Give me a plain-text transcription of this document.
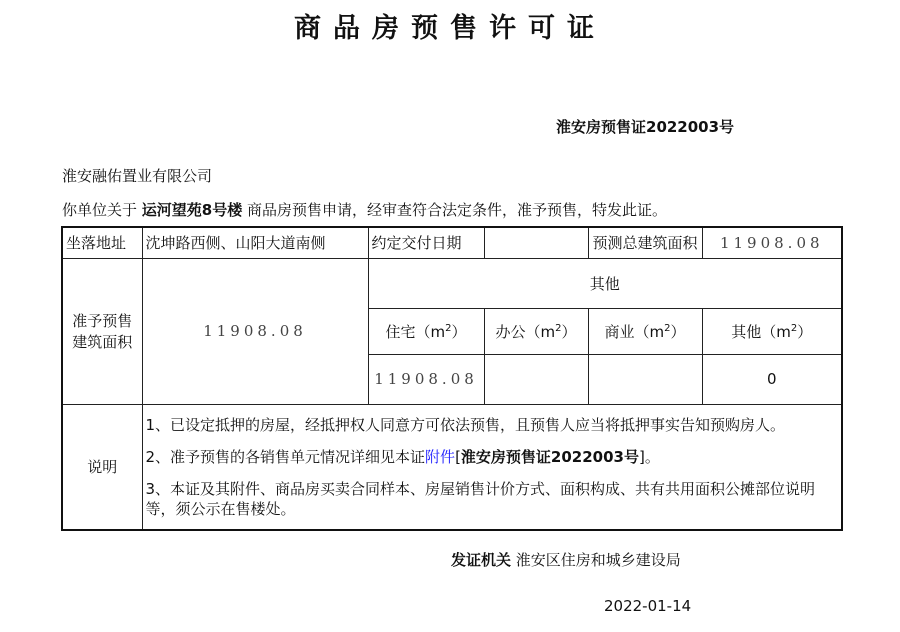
商品房预售许可证
淮安房预售证2022003号
淮安融佑置业有限公司
你单位关于 运河望苑8号楼 商品房预售申请，经审查符合法定条件，准予预售，特发此证。
坐落地址	沈坤路西侧、山阳大道南侧	约定交付日期		预测总建筑面积	11908.08
准予预售建筑面积	11908.08	其他			
		住宅$(m^2)$	办公$(m^2)$	商业$(m^2)$	其他$(m^2)$
		11908.08			0
说明	1、已设定抵押的房屋，经抵押权人同意方可依法预售，且预售人应当将抵押事实告知预购房人。
2、准予预售的各销售单元情况详细见本证附件[淮安房预售证2022003号]。
3、本证及其附件、商品房买卖合同样本、房屋销售计价方式、面积构成、共有共用面积公摊部位说明等，须公示在售楼处。				
发证机关 淮安区住房和城乡建设局
2022-01-14
